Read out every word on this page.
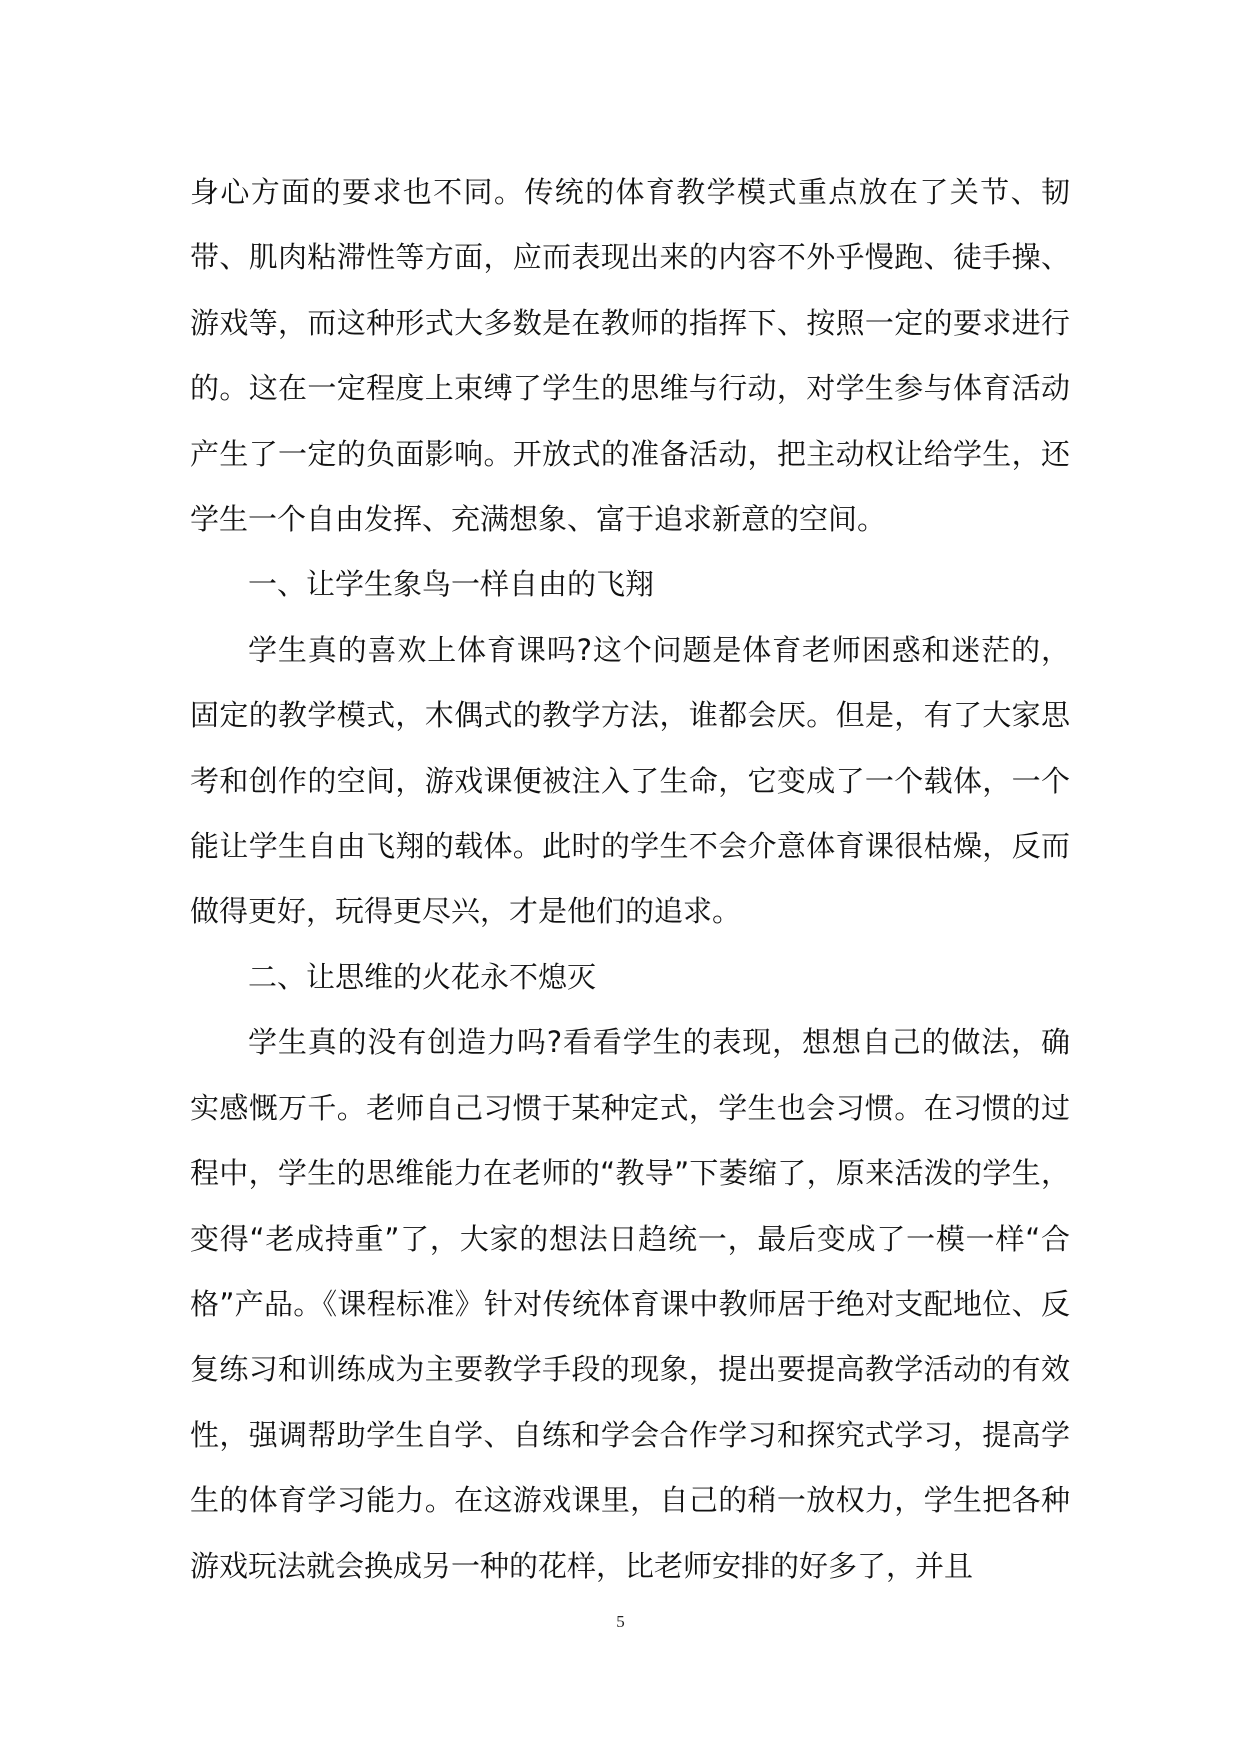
身心方面的要求也不同。传统的体育教学模式重点放在了关节、韧带、肌肉粘滞性等方面，应而表现出来的内容不外乎慢跑、徒手操、游戏等，而这种形式大多数是在教师的指挥下、按照一定的要求进行的。这在一定程度上束缚了学生的思维与行动，对学生参与体育活动产生了一定的负面影响。开放式的准备活动，把主动权让给学生，还学生一个自由发挥、充满想象、富于追求新意的空间。

一、让学生象鸟一样自由的飞翔

学生真的喜欢上体育课吗?这个问题是体育老师困惑和迷茫的，固定的教学模式，木偶式的教学方法，谁都会厌。但是，有了大家思考和创作的空间，游戏课便被注入了生命，它变成了一个载体，一个能让学生自由飞翔的载体。此时的学生不会介意体育课很枯燥，反而做得更好，玩得更尽兴，才是他们的追求。

二、让思维的火花永不熄灭

学生真的没有创造力吗?看看学生的表现，想想自己的做法，确实感慨万千。老师自己习惯于某种定式，学生也会习惯。在习惯的过程中，学生的思维能力在老师的“教导”下萎缩了，原来活泼的学生，变得“老成持重”了，大家的想法日趋统一，最后变成了一模一样“合格”产品。《课程标准》针对传统体育课中教师居于绝对支配地位、反复练习和训练成为主要教学手段的现象，提出要提高教学活动的有效性，强调帮助学生自学、自练和学会合作学习和探究式学习，提高学生的体育学习能力。在这游戏课里，自己的稍一放权力，学生把各种游戏玩法就会换成另一种的花样，比老师安排的好多了，并且

5
